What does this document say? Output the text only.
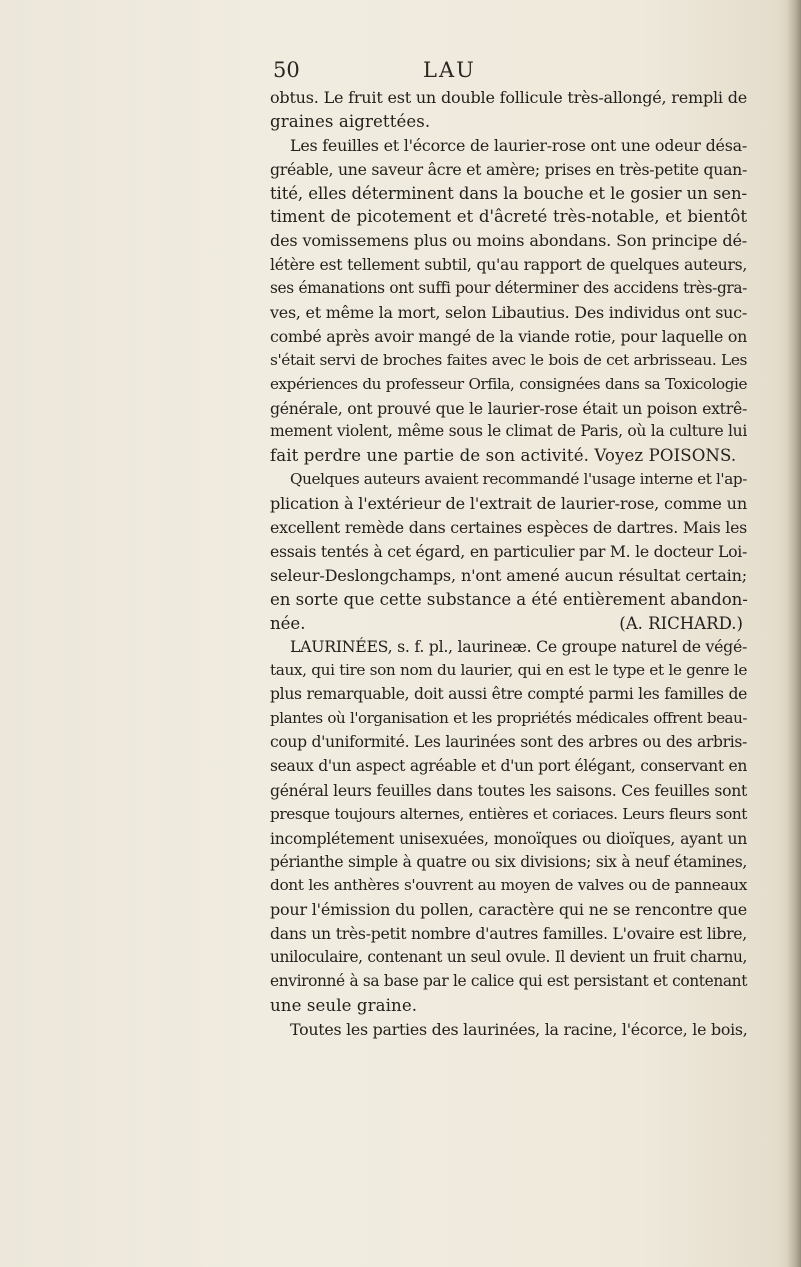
50	LAU
obtus. Le fruit est un double follicule très-allongé, rempli de
graines aigrettées.
Les feuilles et l'écorce de laurier-rose ont une odeur désa-
gréable, une saveur âcre et amère; prises en très-petite quan-
tité, elles déterminent dans la bouche et le gosier un sen-
timent de picotement et d'âcreté très-notable, et bientôt
des vomissemens plus ou moins abondans. Son principe dé-
létère est tellement subtil, qu'au rapport de quelques auteurs,
ses émanations ont suffi pour déterminer des accidens très-gra-
ves, et même la mort, selon Libautius. Des individus ont suc-
combé après avoir mangé de la viande rotie, pour laquelle on
s'était servi de broches faites avec le bois de cet arbrisseau. Les
expériences du professeur Orfila, consignées dans sa Toxicologie
générale, ont prouvé que le laurier-rose était un poison extrê-
mement violent, même sous le climat de Paris, où la culture lui
fait perdre une partie de son activité. Voyez POISONS.
Quelques auteurs avaient recommandé l'usage interne et l'ap-
plication à l'extérieur de l'extrait de laurier-rose, comme un
excellent remède dans certaines espèces de dartres. Mais les
essais tentés à cet égard, en particulier par M. le docteur Loi-
seleur-Deslongchamps, n'ont amené aucun résultat certain;
en sorte que cette substance a été entièrement abandon-
née.                                                            (A. RICHARD.)
LAURINÉES, s. f. pl., laurineæ. Ce groupe naturel de végé-
taux, qui tire son nom du laurier, qui en est le type et le genre le
plus remarquable, doit aussi être compté parmi les familles de
plantes où l'organisation et les propriétés médicales offrent beau-
coup d'uniformité. Les laurinées sont des arbres ou des arbris-
seaux d'un aspect agréable et d'un port élégant, conservant en
général leurs feuilles dans toutes les saisons. Ces feuilles sont
presque toujours alternes, entières et coriaces. Leurs fleurs sont
incomplétement unisexuées, monoïques ou dioïques, ayant un
périanthe simple à quatre ou six divisions; six à neuf étamines,
dont les anthères s'ouvrent au moyen de valves ou de panneaux
pour l'émission du pollen, caractère qui ne se rencontre que
dans un très-petit nombre d'autres familles. L'ovaire est libre,
uniloculaire, contenant un seul ovule. Il devient un fruit charnu,
environné à sa base par le calice qui est persistant et contenant
une seule graine.
Toutes les parties des laurinées, la racine, l'écorce, le bois,
